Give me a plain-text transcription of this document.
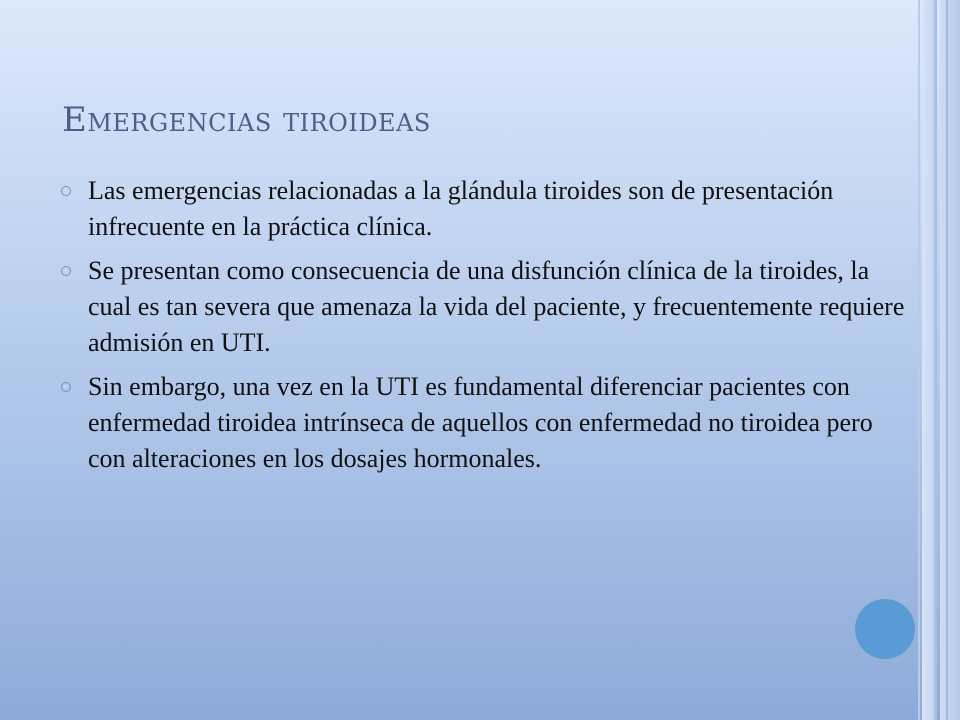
Emergencias tiroideas
Las emergencias relacionadas a la glándula tiroides son de presentación infrecuente en la práctica clínica.
Se presentan como consecuencia de una disfunción clínica de la tiroides, la cual es tan severa que amenaza la vida del paciente, y frecuentemente requiere admisión en UTI.
Sin embargo, una vez en la UTI es fundamental diferenciar pacientes con enfermedad tiroidea intrínseca de aquellos con enfermedad no tiroidea pero con alteraciones en los dosajes hormonales.
